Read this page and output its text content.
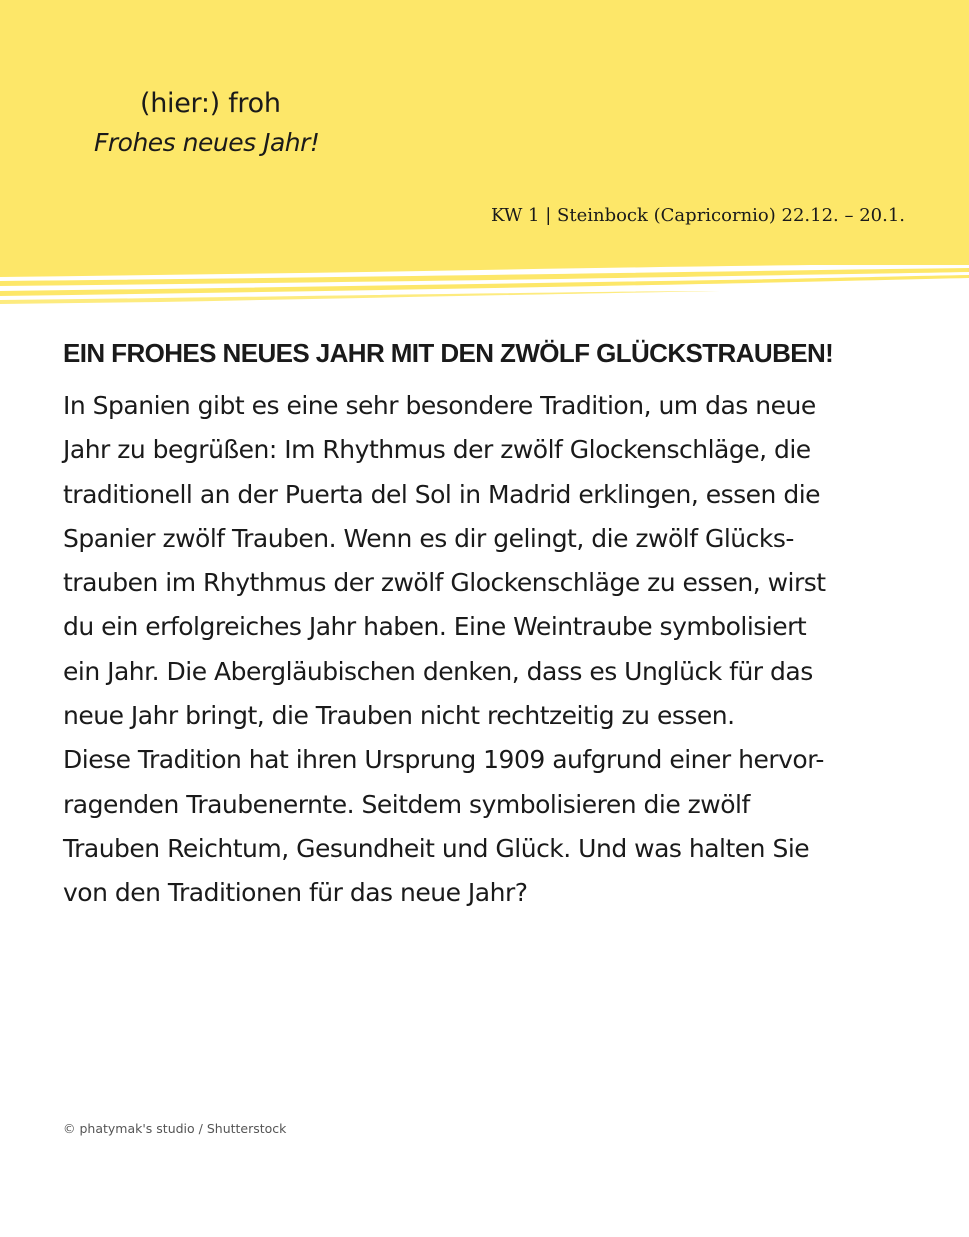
(hier:) froh
Frohes neues Jahr!
KW 1 | Steinbock (Capricornio) 22.12. – 20.1.
EIN FROHES NEUES JAHR MIT DEN ZWÖLF GLÜCKSTRAUBEN!
In Spanien gibt es eine sehr besondere Tradition, um das neue
Jahr zu begrüßen: Im Rhythmus der zwölf Glockenschläge, die
traditionell an der Puerta del Sol in Madrid erklingen, essen die
Spanier zwölf Trauben. Wenn es dir gelingt, die zwölf Glücks-
trauben im Rhythmus der zwölf Glockenschläge zu essen, wirst
du ein erfolgreiches Jahr haben. Eine Weintraube symbolisiert
ein Jahr. Die Abergläubischen denken, dass es Unglück für das
neue Jahr bringt, die Trauben nicht rechtzeitig zu essen.
Diese Tradition hat ihren Ursprung 1909 aufgrund einer hervor-
ragenden Traubenernte. Seitdem symbolisieren die zwölf
Trauben Reichtum, Gesundheit und Glück. Und was halten Sie
von den Traditionen für das neue Jahr?
© phatymak's studio / Shutterstock
